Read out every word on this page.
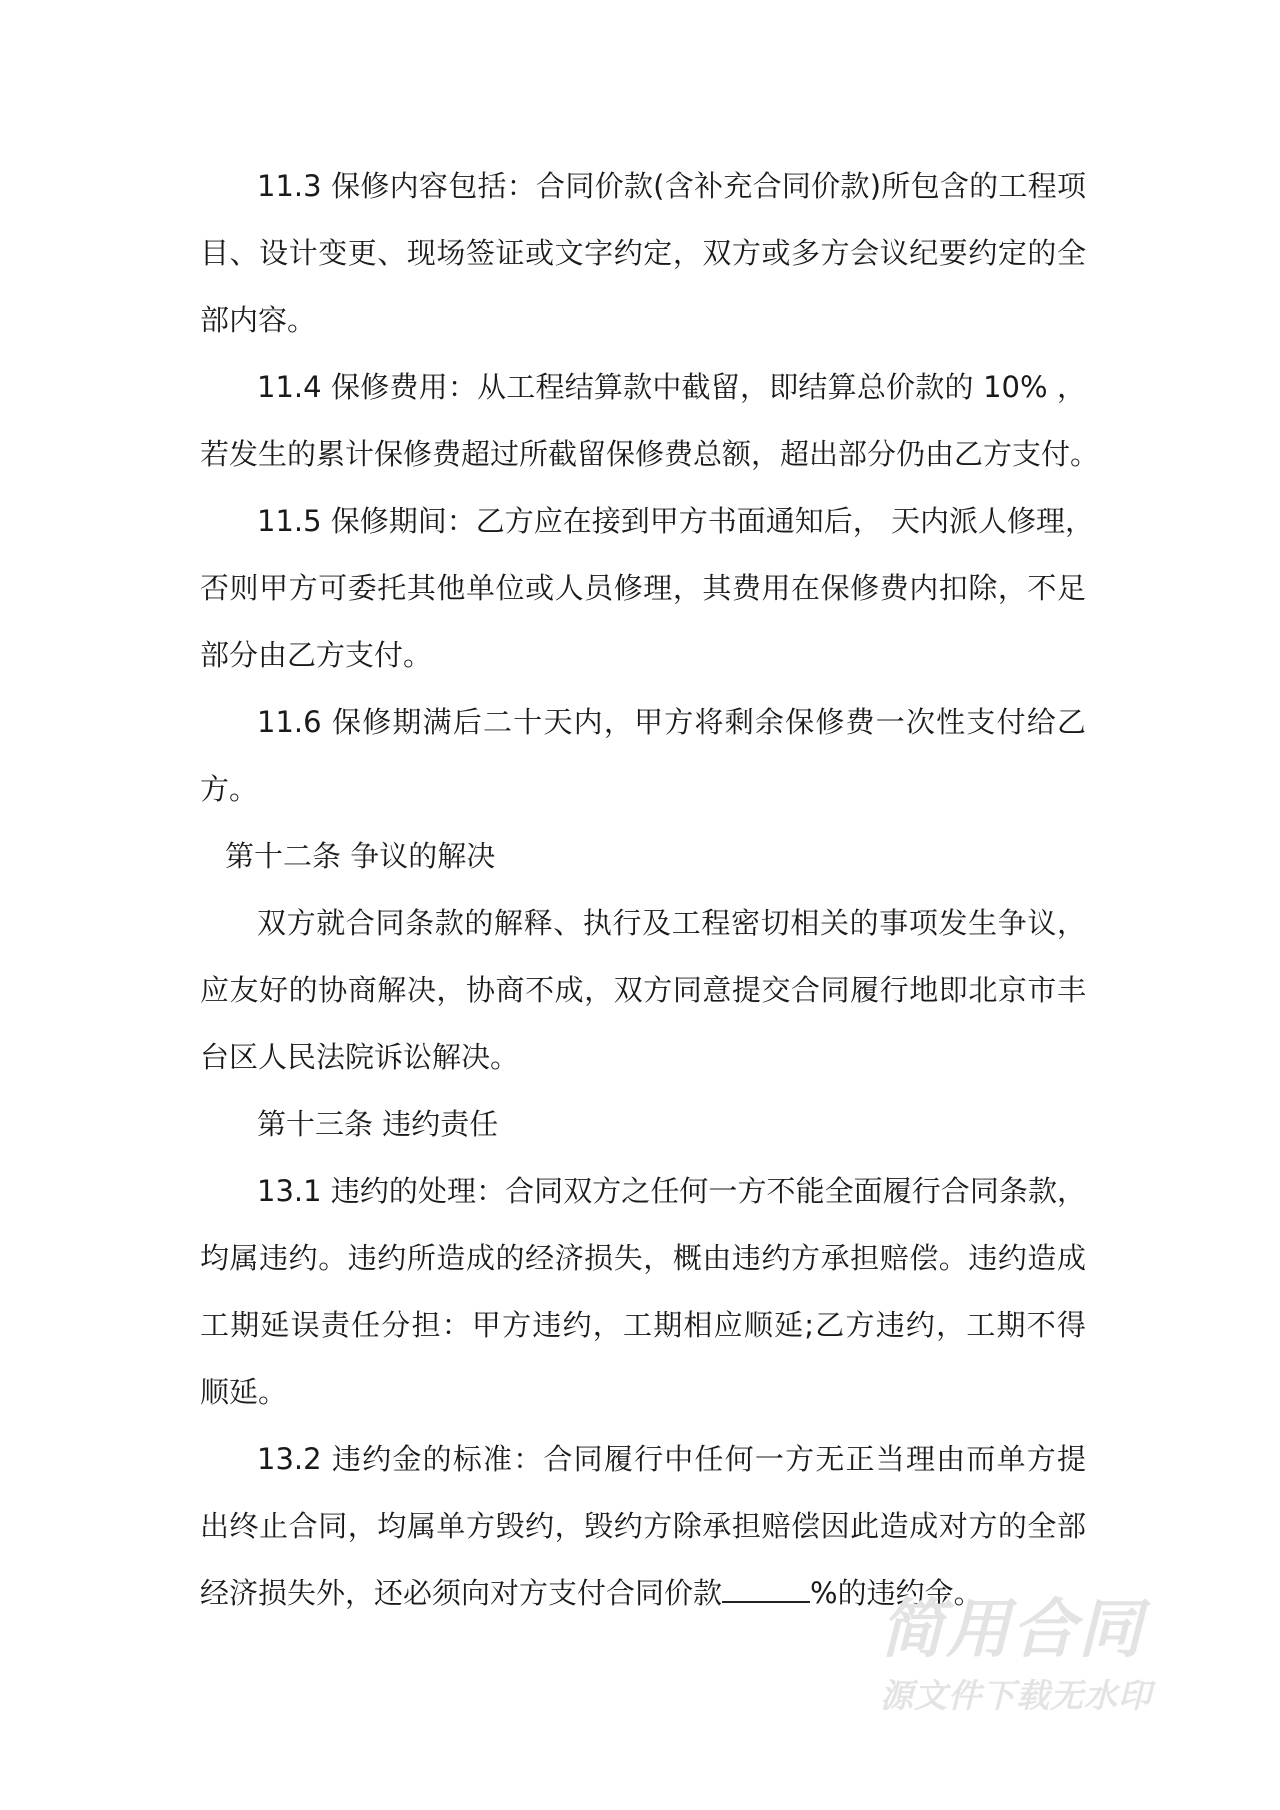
11.3 保修内容包括：合同价款(含补充合同价款)所包含的工程项
目、设计变更、现场签证或文字约定，双方或多方会议纪要约定的全
部内容。
11.4 保修费用：从工程结算款中截留，即结算总价款的 10% ，
若发生的累计保修费超过所截留保修费总额，超出部分仍由乙方支付。
11.5 保修期间：乙方应在接到甲方书面通知后， 天内派人修理，
否则甲方可委托其他单位或人员修理，其费用在保修费内扣除，不足
部分由乙方支付。
11.6 保修期满后二十天内，甲方将剩余保修费一次性支付给乙
方。
第十二条 争议的解决
双方就合同条款的解释、执行及工程密切相关的事项发生争议，
应友好的协商解决，协商不成，双方同意提交合同履行地即北京市丰
台区人民法院诉讼解决。
第十三条 违约责任
13.1 违约的处理：合同双方之任何一方不能全面履行合同条款，
均属违约。违约所造成的经济损失，概由违约方承担赔偿。违约造成
工期延误责任分担：甲方违约，工期相应顺延;乙方违约，工期不得
顺延。
13.2 违约金的标准：合同履行中任何一方无正当理由而单方提
出终止合同，均属单方毁约，毁约方除承担赔偿因此造成对方的全部
经济损失外，还必须向对方支付合同价款	%的违约金。
简用合同
源文件下载无水印
